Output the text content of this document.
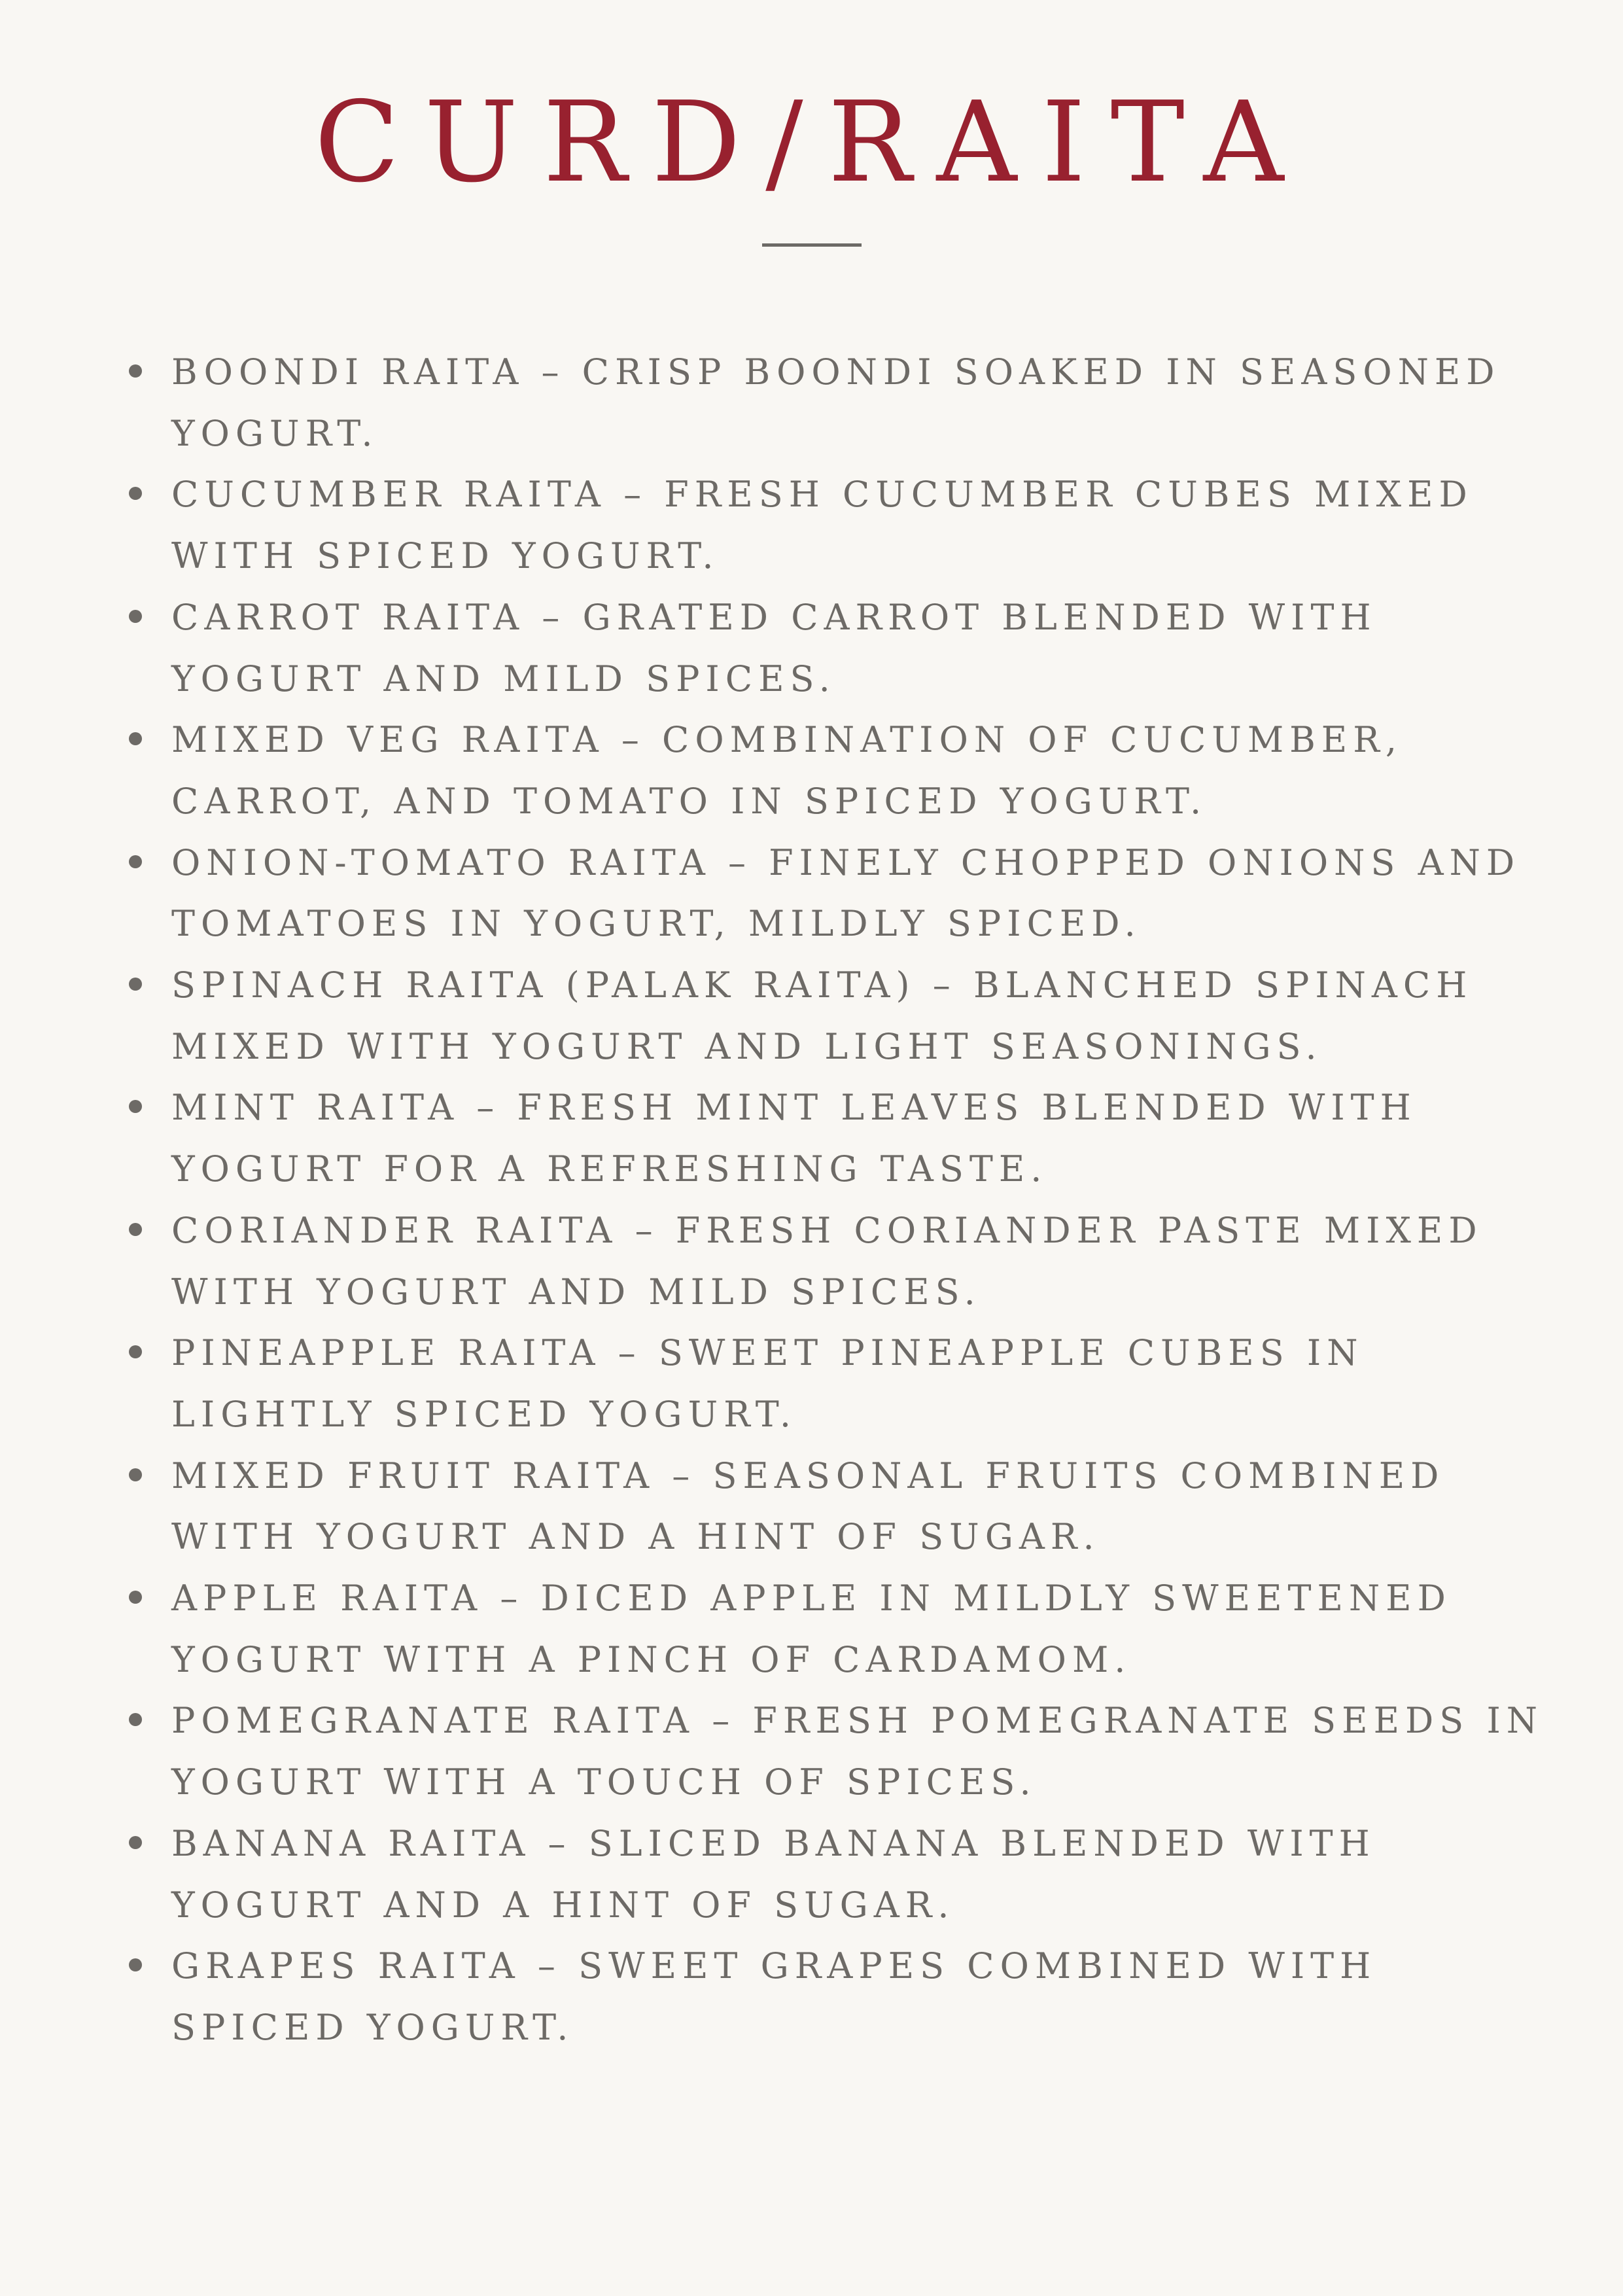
CURD/RAITA
BOONDI RAITA – CRISP BOONDI SOAKED IN SEASONED YOGURT.
CUCUMBER RAITA – FRESH CUCUMBER CUBES MIXED WITH SPICED YOGURT.
CARROT RAITA – GRATED CARROT BLENDED WITH YOGURT AND MILD SPICES.
MIXED VEG RAITA – COMBINATION OF CUCUMBER, CARROT, AND TOMATO IN SPICED YOGURT.
ONION-TOMATO RAITA – FINELY CHOPPED ONIONS AND TOMATOES IN YOGURT, MILDLY SPICED.
SPINACH RAITA (PALAK RAITA) – BLANCHED SPINACH MIXED WITH YOGURT AND LIGHT SEASONINGS.
MINT RAITA – FRESH MINT LEAVES BLENDED WITH YOGURT FOR A REFRESHING TASTE.
CORIANDER RAITA – FRESH CORIANDER PASTE MIXED WITH YOGURT AND MILD SPICES.
PINEAPPLE RAITA – SWEET PINEAPPLE CUBES IN LIGHTLY SPICED YOGURT.
MIXED FRUIT RAITA – SEASONAL FRUITS COMBINED WITH YOGURT AND A HINT OF SUGAR.
APPLE RAITA – DICED APPLE IN MILDLY SWEETENED YOGURT WITH A PINCH OF CARDAMOM.
POMEGRANATE RAITA – FRESH POMEGRANATE SEEDS IN YOGURT WITH A TOUCH OF SPICES.
BANANA RAITA – SLICED BANANA BLENDED WITH YOGURT AND A HINT OF SUGAR.
GRAPES RAITA – SWEET GRAPES COMBINED WITH SPICED YOGURT.
